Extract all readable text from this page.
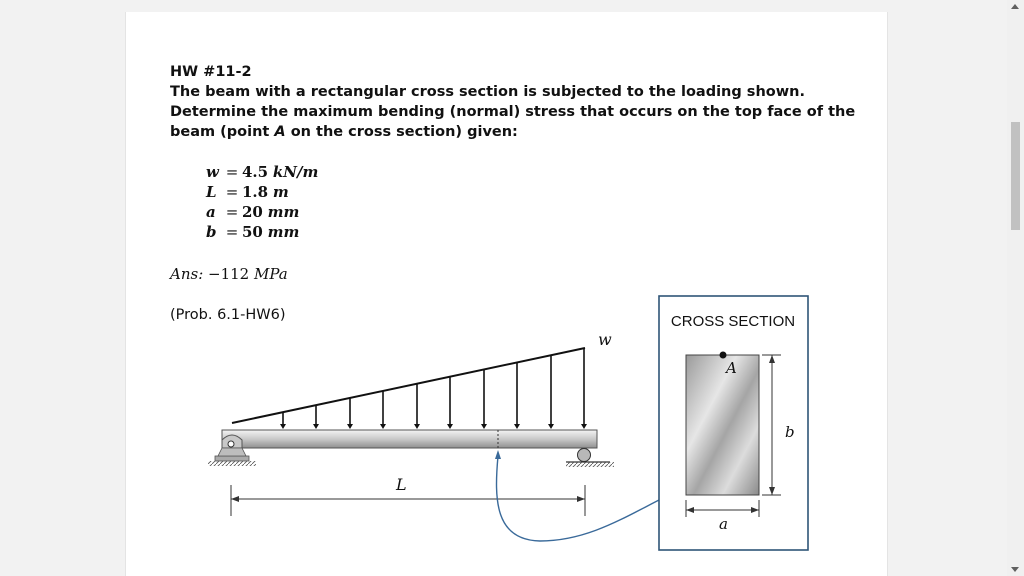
HW #11-2
The beam with a rectangular cross section is subjected to the loading shown.
Determine the maximum bending (normal) stress that occurs on the top face of the
beam (point A on the cross section) given:
w = 4.5 kN/m
L = 1.8 m
a = 20 mm
b = 50 mm
Ans: −112 MPa
(Prob. 6.1-HW6)
w
L
CROSS SECTION
A
b
a
